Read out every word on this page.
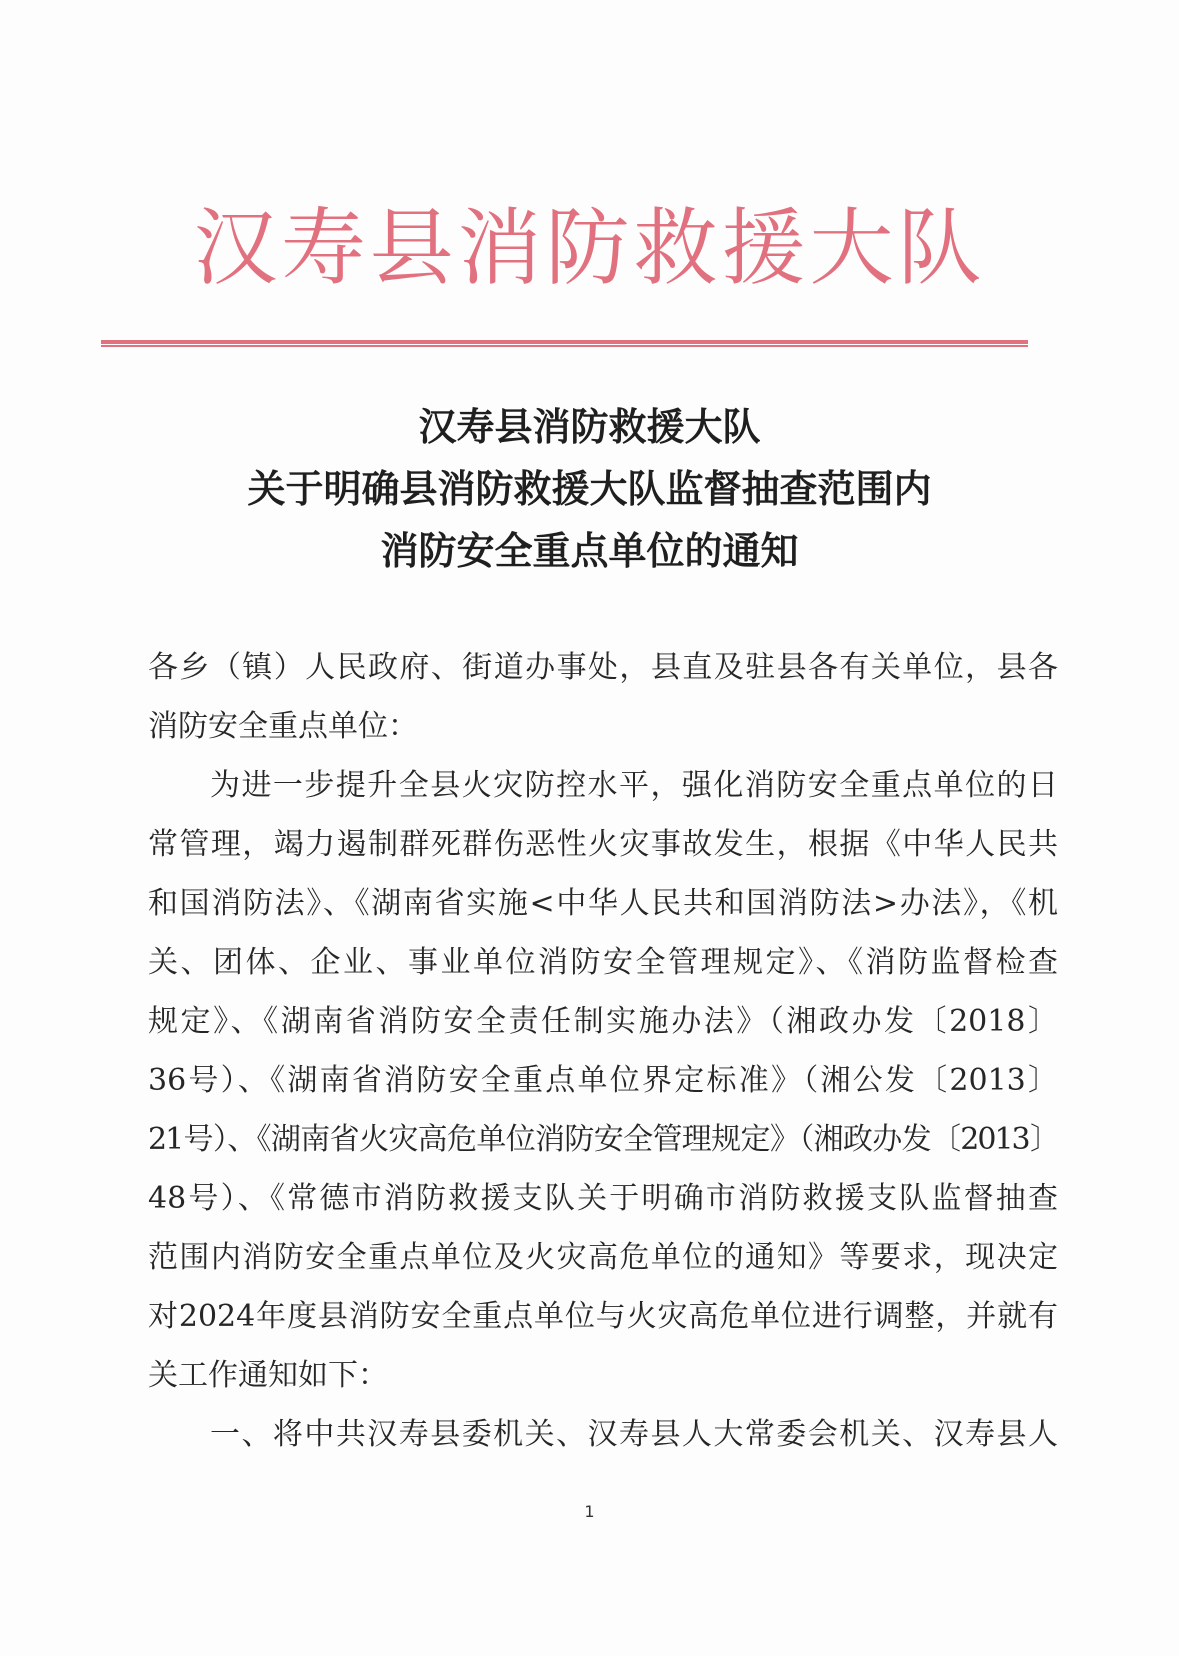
汉寿县消防救援大队
汉寿县消防救援大队
关于明确县消防救援大队监督抽查范围内
消防安全重点单位的通知
各乡（镇）人民政府、街道办事处，县直及驻县各有关单位，县各
消防安全重点单位：
为进一步提升全县火灾防控水平，强化消防安全重点单位的日
常管理，竭力遏制群死群伤恶性火灾事故发生，根据《中华人民共
和国消防法》、《湖南省实施<中华人民共和国消防法>办法》，《机
关、团体、企业、事业单位消防安全管理规定》、《消防监督检查
规定》、《湖南省消防安全责任制实施办法》（湘政办发〔2018〕
36号）、《湖南省消防安全重点单位界定标准》（湘公发〔2013〕
21号）、《湖南省火灾高危单位消防安全管理规定》（湘政办发〔2013〕
48号）、《常德市消防救援支队关于明确市消防救援支队监督抽查
范围内消防安全重点单位及火灾高危单位的通知》等要求，现决定
对2024年度县消防安全重点单位与火灾高危单位进行调整，并就有
关工作通知如下：
一、将中共汉寿县委机关、汉寿县人大常委会机关、汉寿县人
1
